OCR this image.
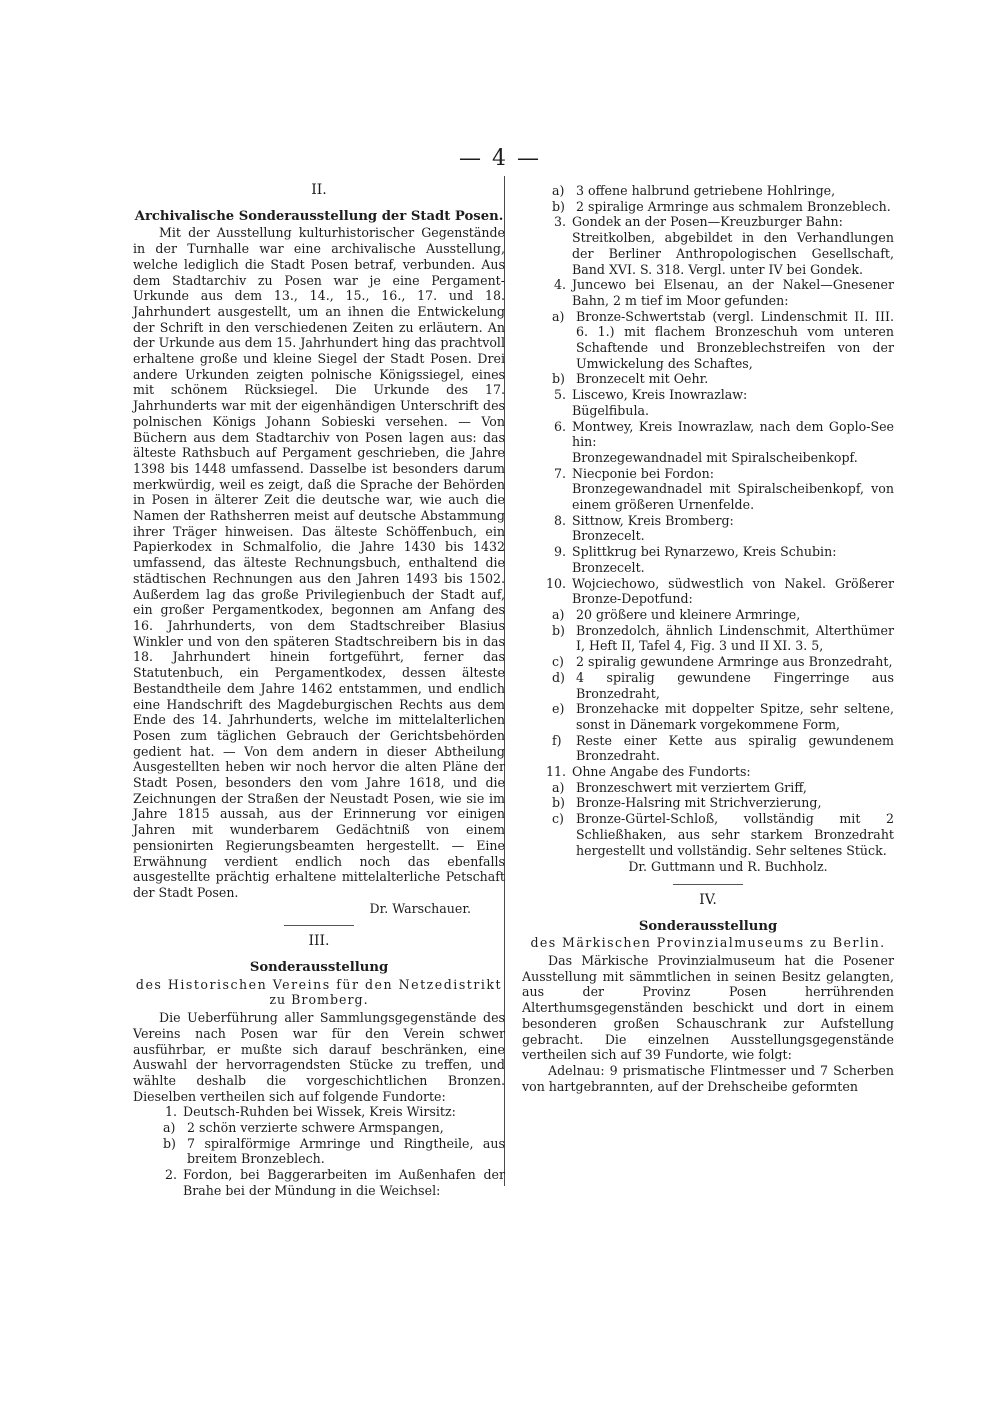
— 4 —
II.
Archivalische Sonderausstellung der Stadt Posen.

Mit der Ausstellung kulturhistorischer Gegenstände in der Turnhalle war eine archivalische Ausstellung, welche lediglich die Stadt Posen betraf, verbunden. Aus dem Stadtarchiv zu Posen war je eine Pergament-Urkunde aus dem 13., 14., 15., 16., 17. und 18. Jahrhundert ausgestellt, um an ihnen die Entwickelung der Schrift in den verschiedenen Zeiten zu erläutern. An der Urkunde aus dem 15. Jahrhundert hing das prachtvoll erhaltene große und kleine Siegel der Stadt Posen. Drei andere Urkunden zeigten polnische Königssiegel, eines mit schönem Rücksiegel. Die Urkunde des 17. Jahrhunderts war mit der eigenhändigen Unterschrift des polnischen Königs Johann Sobieski versehen. — Von Büchern aus dem Stadtarchiv von Posen lagen aus: das älteste Rathsbuch auf Pergament geschrieben, die Jahre 1398 bis 1448 umfassend. Dasselbe ist besonders darum merkwürdig, weil es zeigt, daß die Sprache der Behörden in Posen in älterer Zeit die deutsche war, wie auch die Namen der Rathsherren meist auf deutsche Abstammung ihrer Träger hinweisen. Das älteste Schöffenbuch, ein Papierkodex in Schmalfolio, die Jahre 1430 bis 1432 umfassend, das älteste Rechnungsbuch, enthaltend die städtischen Rechnungen aus den Jahren 1493 bis 1502. Außerdem lag das große Privilegienbuch der Stadt auf, ein großer Pergamentkodex, begonnen am Anfang des 16. Jahrhunderts, von dem Stadtschreiber Blasius Winkler und von den späteren Stadtschreibern bis in das 18. Jahrhundert hinein fortgeführt, ferner das Statutenbuch, ein Pergamentkodex, dessen älteste Bestandtheile dem Jahre 1462 entstammen, und endlich eine Handschrift des Magdeburgischen Rechts aus dem Ende des 14. Jahrhunderts, welche im mittelalterlichen Posen zum täglichen Gebrauch der Gerichtsbehörden gedient hat. — Von dem andern in dieser Abtheilung Ausgestellten heben wir noch hervor die alten Pläne der Stadt Posen, besonders den vom Jahre 1618, und die Zeichnungen der Straßen der Neustadt Posen, wie sie im Jahre 1815 aussah, aus der Erinnerung vor einigen Jahren mit wunderbarem Gedächtniß von einem pensionirten Regierungsbeamten hergestellt. — Eine Erwähnung verdient endlich noch das ebenfalls ausgestellte prächtig erhaltene mittelalterliche Petschaft der Stadt Posen.

Dr. Warschauer.

III.
Sonderausstellung
des Historischen Vereins für den Netzedistrikt
zu Bromberg.

Die Ueberführung aller Sammlungsgegenstände des Vereins nach Posen war für den Verein schwer ausführbar, er mußte sich darauf beschränken, eine Auswahl der hervorragendsten Stücke zu treffen, und wählte deshalb die vorgeschichtlichen Bronzen. Dieselben vertheilen sich auf folgende Fundorte:

1. Deutsch-Ruhden bei Wissek, Kreis Wirsitz:
a) 2 schön verzierte schwere Armspangen,
b) 7 spiralförmige Armringe und Ringtheile, aus breitem Bronzeblech.
2. Fordon, bei Baggerarbeiten im Außenhafen der Brahe bei der Mündung in die Weichsel:
a) 3 offene halbrund getriebene Hohlringe,
b) 2 spiralige Armringe aus schmalem Bronzeblech.
3. Gondek an der Posen—Kreuzburger Bahn:
Streitkolben, abgebildet in den Verhandlungen der Berliner Anthropologischen Gesellschaft, Band XVI. S. 318. Vergl. unter IV bei Gondek.
4. Juncewo bei Elsenau, an der Nakel—Gnesener Bahn, 2 m tief im Moor gefunden:
a) Bronze-Schwertstab (vergl. Lindenschmit II. III. 6. 1.) mit flachem Bronzeschuh vom unteren Schaftende und Bronzeblechstreifen von der Umwickelung des Schaftes,
b) Bronzecelt mit Oehr.
5. Liscewo, Kreis Inowrazlaw:
Bügelfibula.
6. Montwey, Kreis Inowrazlaw, nach dem Goplo-See hin:
Bronzegewandnadel mit Spiralscheibenkopf.
7. Niecponie bei Fordon:
Bronzegewandnadel mit Spiralscheibenkopf, von einem größeren Urnenfelde.
8. Sittnow, Kreis Bromberg:
Bronzecelt.
9. Splittkrug bei Rynarzewo, Kreis Schubin:
Bronzecelt.
10. Wojciechowo, südwestlich von Nakel. Größerer Bronze-Depotfund:
a) 20 größere und kleinere Armringe,
b) Bronzedolch, ähnlich Lindenschmit, Alterthümer I, Heft II, Tafel 4, Fig. 3 und II XI. 3. 5,
c) 2 spiralig gewundene Armringe aus Bronzedraht,
d) 4 spiralig gewundene Fingerringe aus Bronzedraht,
e) Bronzehacke mit doppelter Spitze, sehr seltene, sonst in Dänemark vorgekommene Form,
f)	Reste einer Kette aus spiralig gewundenem Bronzedraht.
11. Ohne Angabe des Fundorts:
a) Bronzeschwert mit verziertem Griff,
b) Bronze-Halsring mit Strichverzierung,
c) Bronze-Gürtel-Schloß, vollständig mit 2 Schließhaken, aus sehr starkem Bronzedraht hergestellt und vollständig. Sehr seltenes Stück.
Dr. Guttmann und R. Buchholz.
IV.
Sonderausstellung
des Märkischen Provinzialmuseums zu Berlin.

Das Märkische Provinzialmuseum hat die Posener Ausstellung mit sämmtlichen in seinen Besitz gelangten, aus der Provinz Posen herrührenden Alterthumsgegenständen beschickt und dort in einem besonderen großen Schauschrank zur Aufstellung gebracht. Die einzelnen Ausstellungsgegenstände vertheilen sich auf 39 Fundorte, wie folgt:

Adelnau: 9 prismatische Flintmesser und 7 Scherben von hartgebrannten, auf der Drehscheibe geformten
